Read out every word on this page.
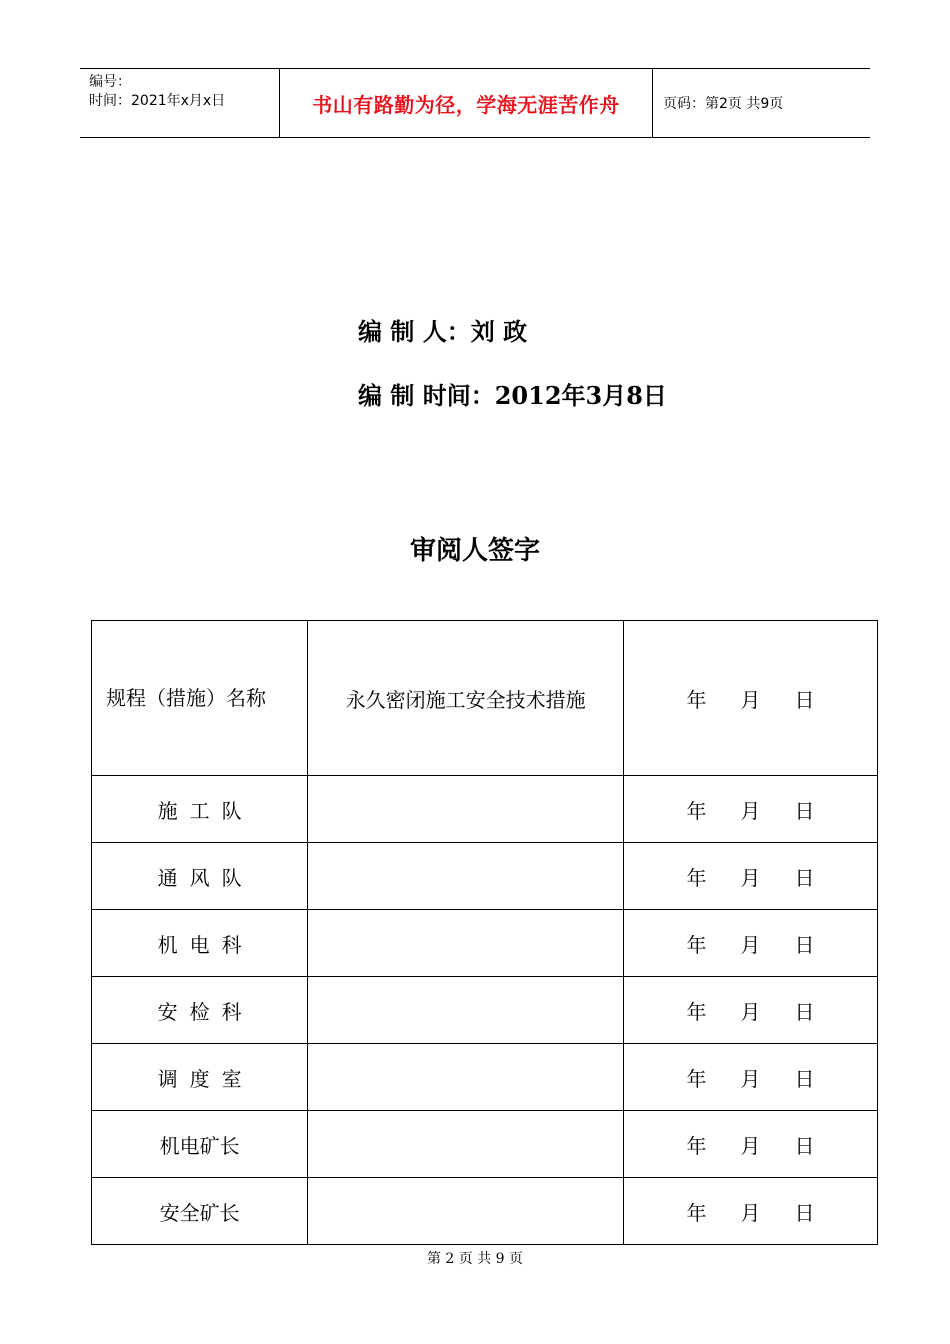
编号：
时间：2021年x月x日	书山有路勤为径，学海无涯苦作舟	页码：第2页 共9页
编 制 人：刘 政
编 制 时间：2012年3月8日
审阅人签字
规程（措施）名称	永久密闭施工安全技术措施	年 月 日
施工队		年 月 日
通风队		年 月 日
机电科		年 月 日
安检科		年 月 日
调度室		年 月 日
机电矿长		年 月 日
安全矿长		年 月 日
第 2 页 共 9 页
